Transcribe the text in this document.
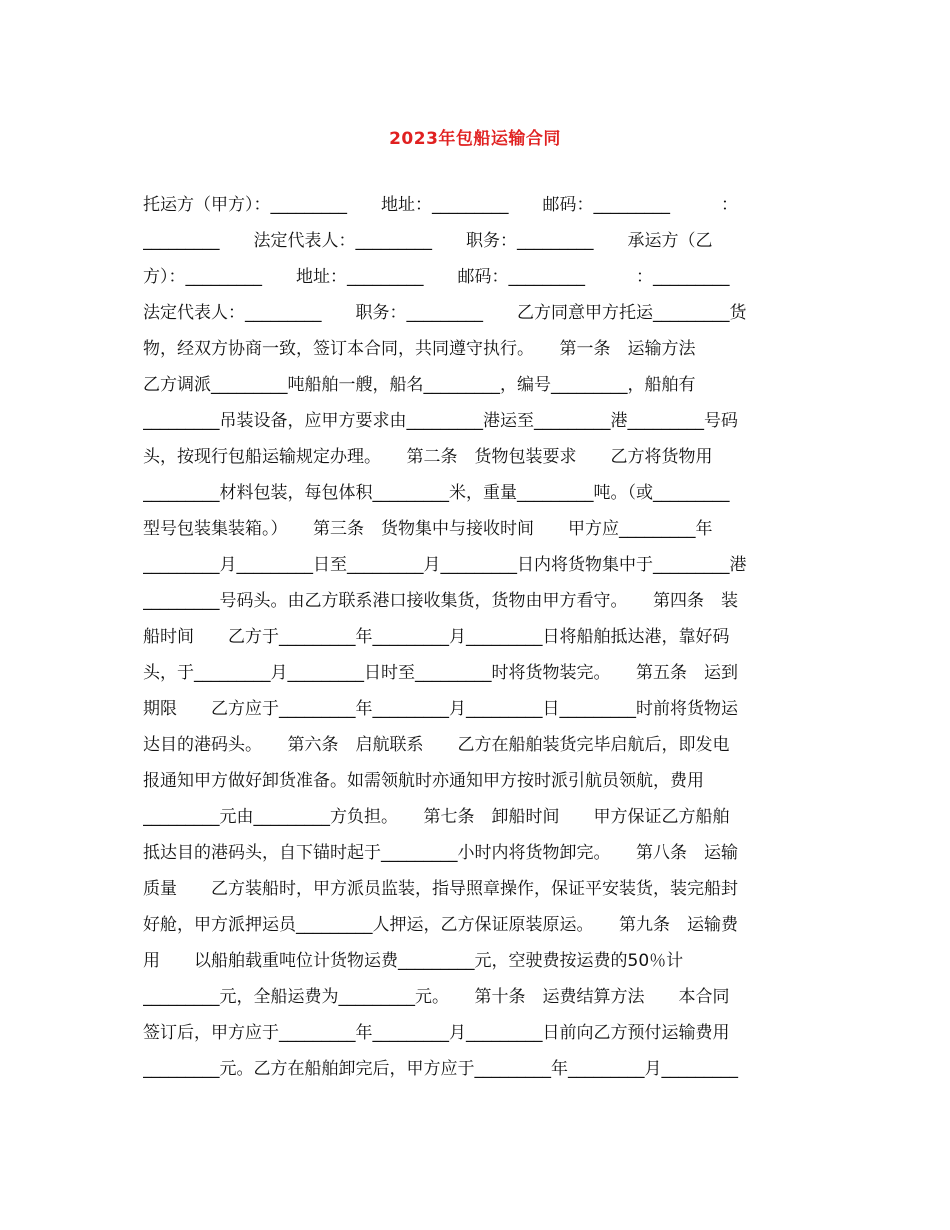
2023年包船运输合同
托运方（甲方）：_________　　地址：_________　　邮码：_________　　　：
_________　　法定代表人：_________　　职务：_________　　承运方（乙
方）：_________　　地址：_________　　邮码：_________　　　：_________
法定代表人：_________　　职务：_________　　乙方同意甲方托运_________货
物，经双方协商一致，签订本合同，共同遵守执行。　　第一条　运输方法
乙方调派_________吨船舶一艘，船名_________，编号_________，船舶有
_________吊装设备，应甲方要求由_________港运至_________港_________号码
头，按现行包船运输规定办理。　　第二条　货物包装要求　　乙方将货物用
_________材料包装，每包体积_________米，重量_________吨。（或_________
型号包装集装箱。）　　第三条　货物集中与接收时间　　甲方应_________年
_________月_________日至_________月_________日内将货物集中于_________港
_________号码头。由乙方联系港口接收集货，货物由甲方看守。　　第四条　装
船时间　　乙方于_________年_________月_________日将船舶抵达港，靠好码
头，于_________月_________日时至_________时将货物装完。　　第五条　运到
期限　　乙方应于_________年_________月_________日_________时前将货物运
达目的港码头。　　第六条　启航联系　　乙方在船舶装货完毕启航后，即发电
报通知甲方做好卸货准备。如需领航时亦通知甲方按时派引航员领航，费用
_________元由_________方负担。　　第七条　卸船时间　　甲方保证乙方船舶
抵达目的港码头，自下锚时起于_________小时内将货物卸完。　　第八条　运输
质量　　乙方装船时，甲方派员监装，指导照章操作，保证平安装货，装完船封
好舱，甲方派押运员_________人押运，乙方保证原装原运。　　第九条　运输费
用　　以船舶载重吨位计货物运费_________元，空驶费按运费的50％计
_________元，全船运费为_________元。　　第十条　运费结算方法　　本合同
签订后，甲方应于_________年_________月_________日前向乙方预付运输费用
_________元。乙方在船舶卸完后，甲方应于_________年_________月_________
